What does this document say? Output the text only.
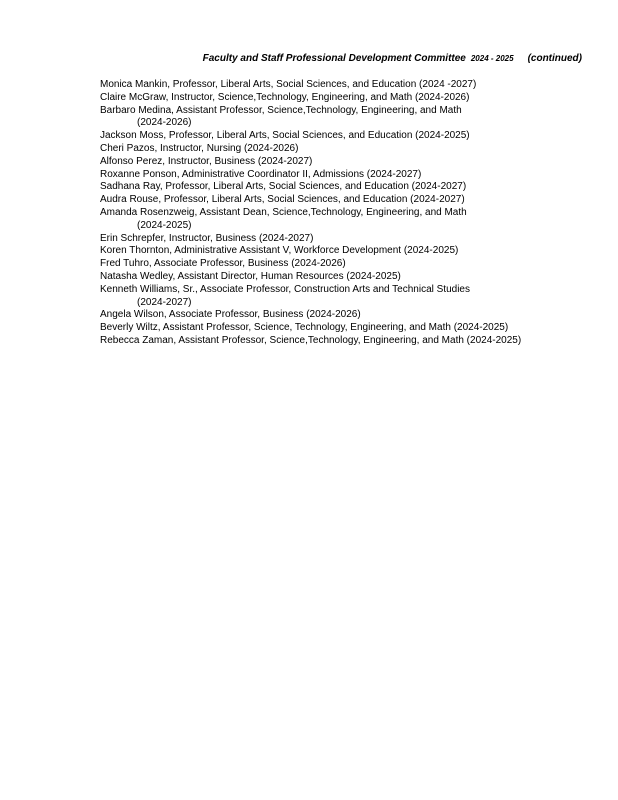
Faculty and Staff Professional Development Committee 2024 - 2025 (continued)

Monica Mankin, Professor, Liberal Arts, Social Sciences, and Education (2024 -2027)

Claire McGraw, Instructor, Science,Technology, Engineering, and Math (2024-2026)

Barbaro Medina, Assistant Professor, Science,Technology, Engineering, and Math
(2024-2026)

Jackson Moss, Professor, Liberal Arts, Social Sciences, and Education (2024-2025)

Cheri Pazos, Instructor, Nursing (2024-2026)

Alfonso Perez, Instructor, Business (2024-2027)

Roxanne Ponson, Administrative Coordinator II, Admissions (2024-2027)

Sadhana Ray, Professor, Liberal Arts, Social Sciences, and Education (2024-2027)

Audra Rouse, Professor, Liberal Arts, Social Sciences, and Education (2024-2027)

Amanda Rosenzweig, Assistant Dean, Science,Technology, Engineering, and Math
(2024-2025)

Erin Schrepfer, Instructor, Business (2024-2027)

Koren Thornton, Administrative Assistant V, Workforce Development (2024-2025)

Fred Tuhro, Associate Professor, Business (2024-2026)

Natasha Wedley, Assistant Director, Human Resources (2024-2025)

Kenneth Williams, Sr., Associate Professor, Construction Arts and Technical Studies
(2024-2027)

Angela Wilson, Associate Professor, Business (2024-2026)

Beverly Wiltz, Assistant Professor, Science, Technology, Engineering, and Math (2024-2025)

Rebecca Zaman, Assistant Professor, Science,Technology, Engineering, and Math (2024-2025)
